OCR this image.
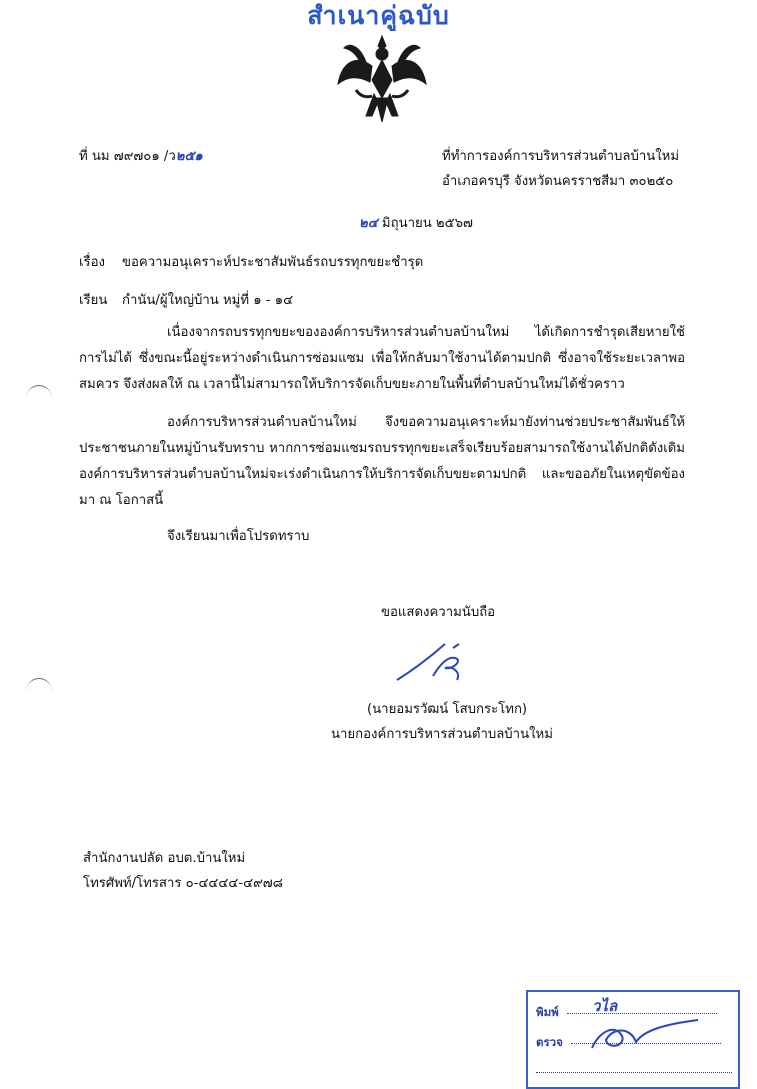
สำเนาคู่ฉบับ
ที่ นม ๗๙๗๐๑ /ว๒๕๑	ที่ทำการองค์การบริหารส่วนตำบลบ้านใหม่
อำเภอครบุรี จังหวัดนครราชสีมา ๓๐๒๕๐
๒๔ มิถุนายน ๒๕๖๗
เรื่อง ขอความอนุเคราะห์ประชาสัมพันธ์รถบรรทุกขยะชำรุด
เรียน กำนัน/ผู้ใหญ่บ้าน หมู่ที่ ๑ - ๑๔
เนื่องจากรถบรรทุกขยะขององค์การบริหารส่วนตำบลบ้านใหม่ ได้เกิดการชำรุดเสียหายใช้การไม่ได้ ซึ่งขณะนี้อยู่ระหว่างดำเนินการซ่อมแซม เพื่อให้กลับมาใช้งานได้ตามปกติ ซึ่งอาจใช้ระยะเวลาพอสมควร จึงส่งผลให้ ณ เวลานี้ไม่สามารถให้บริการจัดเก็บขยะภายในพื้นที่ตำบลบ้านใหม่ได้ชั่วคราว
องค์การบริหารส่วนตำบลบ้านใหม่ จึงขอความอนุเคราะห์มายังท่านช่วยประชาสัมพันธ์ให้ประชาชนภายในหมู่บ้านรับทราบ หากการซ่อมแซมรถบรรทุกขยะเสร็จเรียบร้อยสามารถใช้งานได้ปกติดังเดิม องค์การบริหารส่วนตำบลบ้านใหม่จะเร่งดำเนินการให้บริการจัดเก็บขยะตามปกติ และขออภัยในเหตุขัดข้องมา ณ โอกาสนี้
จึงเรียนมาเพื่อโปรดทราบ
ขอแสดงความนับถือ
(นายอมรวัฒน์ โสบกระโทก)
นายกองค์การบริหารส่วนตำบลบ้านใหม่
สำนักงานปลัด อบต.บ้านใหม่
โทรศัพท์/โทรสาร ๐-๔๔๔๔-๔๙๗๘
พิมพ์	วไล
ตรวจ
